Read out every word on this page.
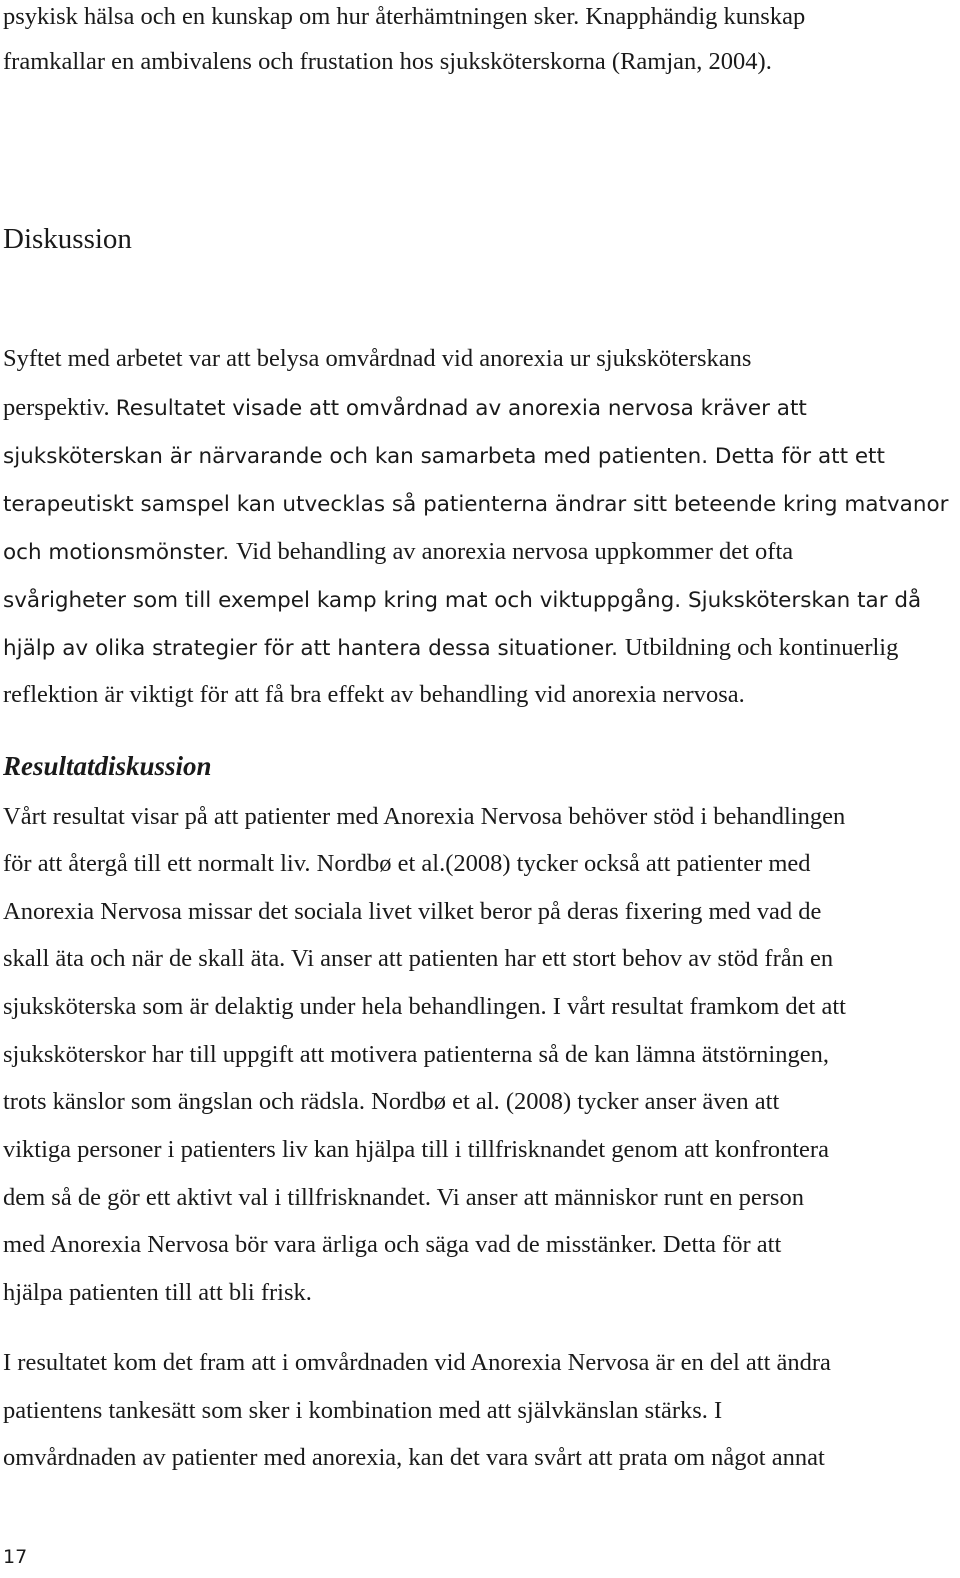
psykisk hälsa och en kunskap om hur återhämtningen sker. Knapphändig kunskap
framkallar en ambivalens och frustation hos sjuksköterskorna (Ramjan, 2004).
Diskussion
Syftet med arbetet var att belysa omvårdnad vid anorexia ur sjuksköterskans
perspektiv. Resultatet visade att omvårdnad av anorexia nervosa kräver att
sjuksköterskan är närvarande och kan samarbeta med patienten. Detta för att ett
terapeutiskt samspel kan utvecklas så patienterna ändrar sitt beteende kring matvanor
och motionsmönster. Vid behandling av anorexia nervosa uppkommer det ofta
svårigheter som till exempel kamp kring mat och viktuppgång. Sjuksköterskan tar då
hjälp av olika strategier för att hantera dessa situationer. Utbildning och kontinuerlig
reflektion är viktigt för att få bra effekt av behandling vid anorexia nervosa.
Resultatdiskussion
Vårt resultat visar på att patienter med Anorexia Nervosa behöver stöd i behandlingen
för att återgå till ett normalt liv. Nordbø et al.(2008) tycker också att patienter med
Anorexia Nervosa missar det sociala livet vilket beror på deras fixering med vad de
skall äta och när de skall äta. Vi anser att patienten har ett stort behov av stöd från en
sjuksköterska som är delaktig under hela behandlingen. I vårt resultat framkom det att
sjuksköterskor har till uppgift att motivera patienterna så de kan lämna ätstörningen,
trots känslor som ängslan och rädsla. Nordbø et al. (2008) tycker anser även att
viktiga personer i patienters liv kan hjälpa till i tillfrisknandet genom att konfrontera
dem så de gör ett aktivt val i tillfrisknandet. Vi anser att människor runt en person
med Anorexia Nervosa bör vara ärliga och säga vad de misstänker. Detta för att
hjälpa patienten till att bli frisk.
I resultatet kom det fram att i omvårdnaden vid Anorexia Nervosa är en del att ändra
patientens tankesätt som sker i kombination med att självkänslan stärks. I
omvårdnaden av patienter med anorexia, kan det vara svårt att prata om något annat
17
